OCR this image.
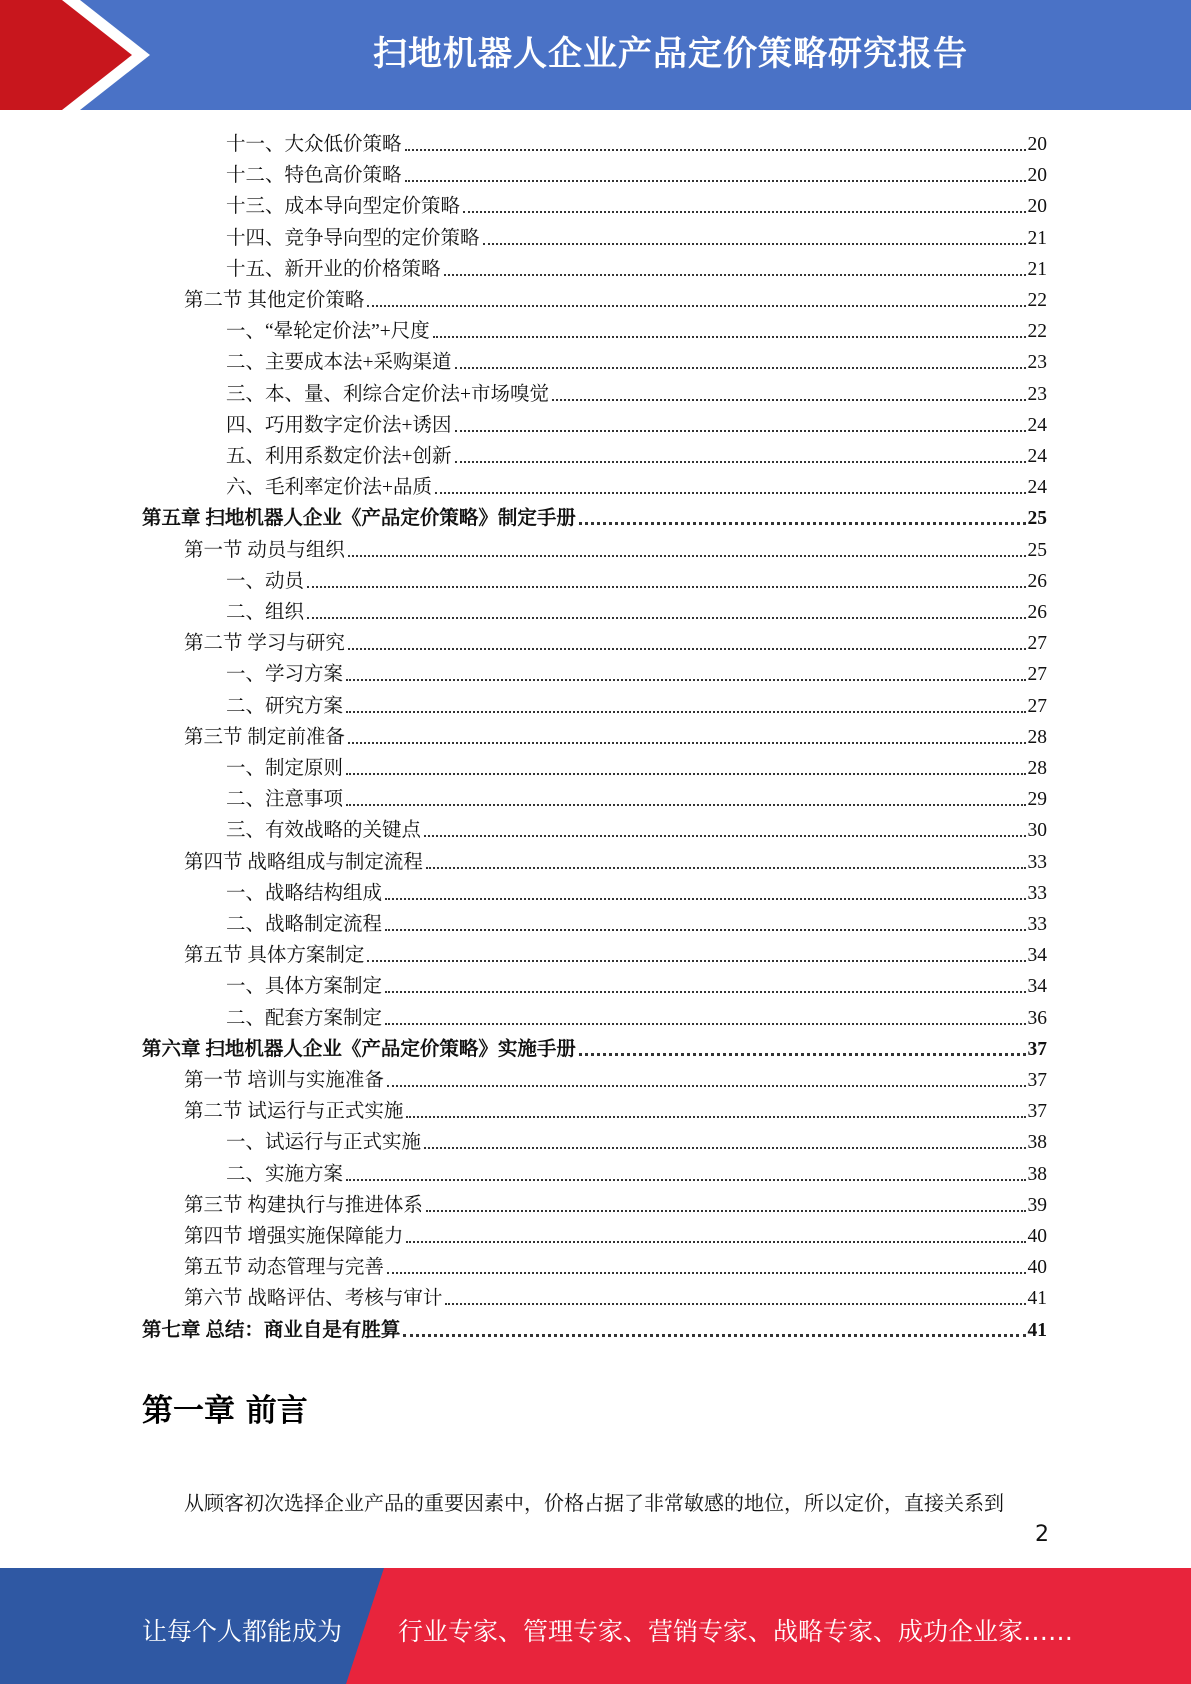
扫地机器人企业产品定价策略研究报告
十一、大众低价策略	20
十二、特色高价策略	20
十三、成本导向型定价策略	20
十四、竞争导向型的定价策略	21
十五、新开业的价格策略	21
第二节 其他定价策略	22
一、“晕轮定价法”+尺度	22
二、主要成本法+采购渠道	23
三、本、量、利综合定价法+市场嗅觉	23
四、巧用数字定价法+诱因	24
五、利用系数定价法+创新	24
六、毛利率定价法+品质	24
第五章 扫地机器人企业《产品定价策略》制定手册	25
第一节 动员与组织	25
一、动员	26
二、组织	26
第二节 学习与研究	27
一、学习方案	27
二、研究方案	27
第三节 制定前准备	28
一、制定原则	28
二、注意事项	29
三、有效战略的关键点	30
第四节 战略组成与制定流程	33
一、战略结构组成	33
二、战略制定流程	33
第五节 具体方案制定	34
一、具体方案制定	34
二、配套方案制定	36
第六章 扫地机器人企业《产品定价策略》实施手册	37
第一节 培训与实施准备	37
第二节 试运行与正式实施	37
一、试运行与正式实施	38
二、实施方案	38
第三节 构建执行与推进体系	39
第四节 增强实施保障能力	40
第五节 动态管理与完善	40
第六节 战略评估、考核与审计	41
第七章 总结：商业自是有胜算	41
第一章 前言
从顾客初次选择企业产品的重要因素中，价格占据了非常敏感的地位，所以定价，直接关系到
2
让每个人都能成为 行业专家、管理专家、营销专家、战略专家、成功企业家……
